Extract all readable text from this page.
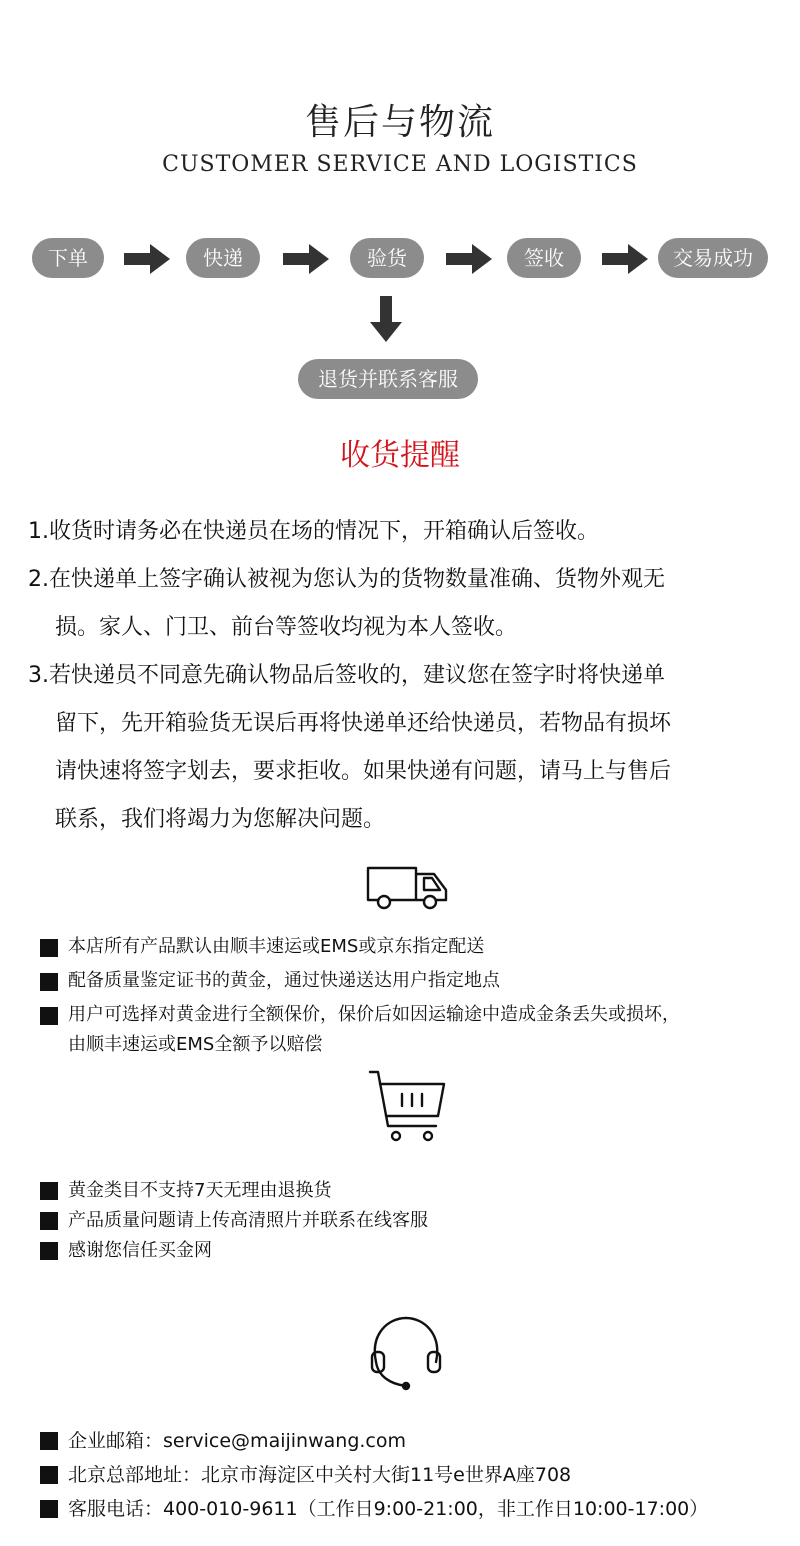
售后与物流
CUSTOMER SERVICE AND LOGISTICS
下单	快递	验货	签收	交易成功
退货并联系客服
收货提醒
1. 收货时请务必在快递员在场的情况下，开箱确认后签收。
2. 在快递单上签字确认被视为您认为的货物数量准确、货物外观无
损。家人、门卫、前台等签收均视为本人签收。
3. 若快递员不同意先确认物品后签收的，建议您在签字时将快递单
留下，先开箱验货无误后再将快递单还给快递员，若物品有损坏
请快速将签字划去，要求拒收。如果快递有问题，请马上与售后
联系，我们将竭力为您解决问题。
本店所有产品默认由顺丰速运或EMS或京东指定配送
配备质量鉴定证书的黄金，通过快递送达用户指定地点
用户可选择对黄金进行全额保价，保价后如因运输途中造成金条丢失或损坏，
由顺丰速运或EMS全额予以赔偿
黄金类目不支持7天无理由退换货
产品质量问题请上传高清照片并联系在线客服
感谢您信任买金网
企业邮箱：service@maijinwang.com
北京总部地址：北京市海淀区中关村大街11号e世界A座708
客服电话：400-010-9611（工作日9:00-21:00，非工作日10:00-17:00）
